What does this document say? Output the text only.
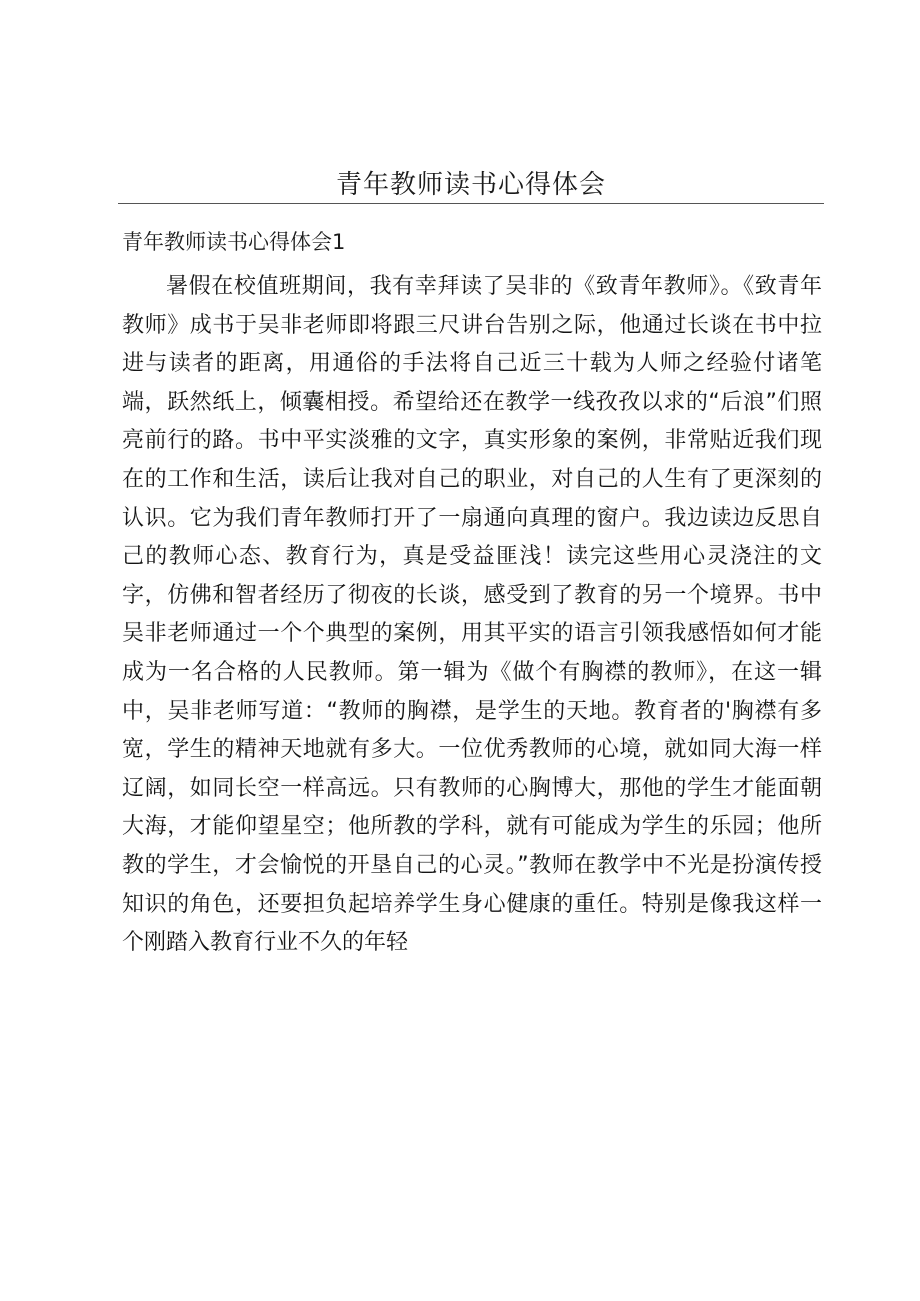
青年教师读书心得体会
青年教师读书心得体会1

暑假在校值班期间，我有幸拜读了吴非的《致青年教师》。《致青年教师》成书于吴非老师即将跟三尺讲台告别之际，他通过长谈在书中拉进与读者的距离，用通俗的手法将自己近三十载为人师之经验付诸笔端，跃然纸上，倾囊相授。希望给还在教学一线孜孜以求的“后浪”们照亮前行的路。书中平实淡雅的文字，真实形象的案例，非常贴近我们现在的工作和生活，读后让我对自己的职业，对自己的人生有了更深刻的认识。它为我们青年教师打开了一扇通向真理的窗户。我边读边反思自己的教师心态、教育行为，真是受益匪浅！读完这些用心灵浇注的文字，仿佛和智者经历了彻夜的长谈，感受到了教育的另一个境界。书中吴非老师通过一个个典型的案例，用其平实的语言引领我感悟如何才能成为一名合格的人民教师。第一辑为《做个有胸襟的教师》，在这一辑中，吴非老师写道：“教师的胸襟，是学生的天地。教育者的'胸襟有多宽，学生的精神天地就有多大。一位优秀教师的心境，就如同大海一样辽阔，如同长空一样高远。只有教师的心胸博大，那他的学生才能面朝大海，才能仰望星空；他所教的学科，就有可能成为学生的乐园；他所教的学生，才会愉悦的开垦自己的心灵。”教师在教学中不光是扮演传授知识的角色，还要担负起培养学生身心健康的重任。特别是像我这样一个刚踏入教育行业不久的年轻
